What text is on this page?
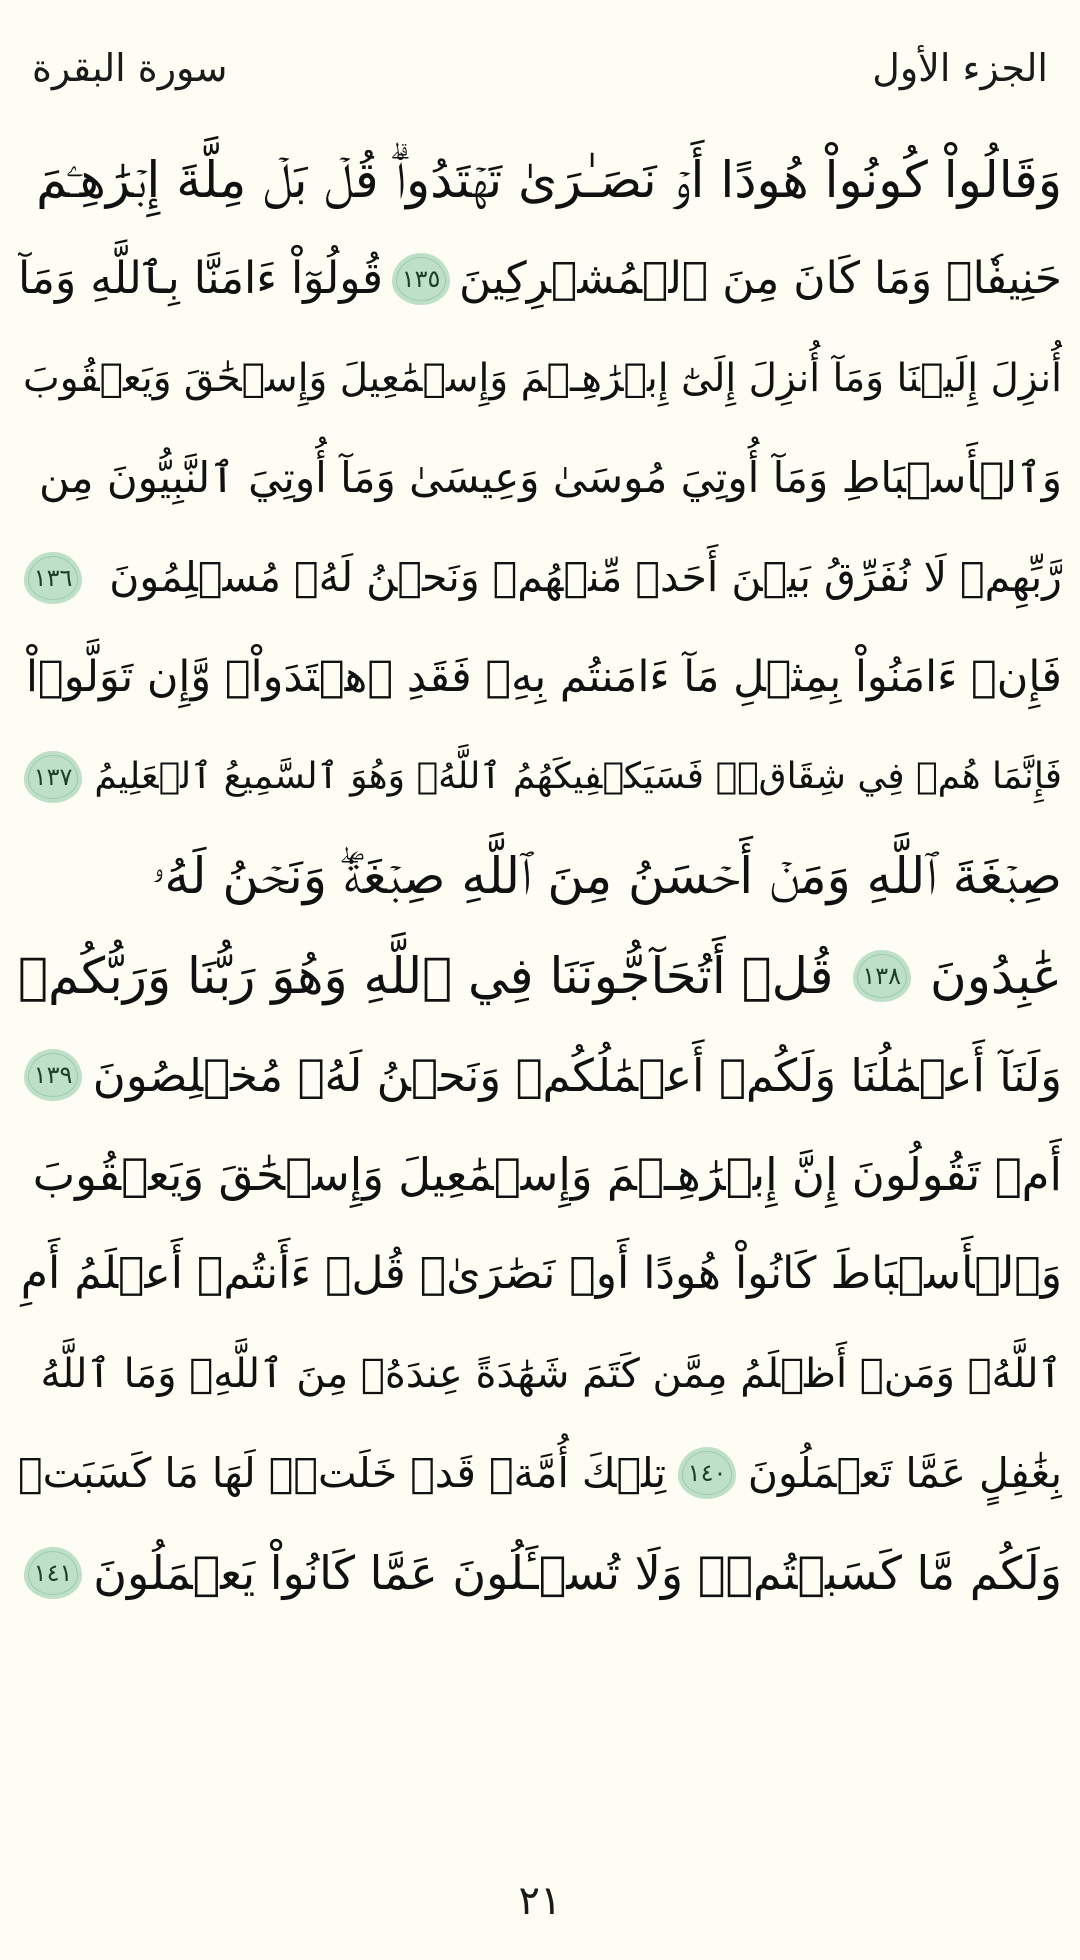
سورة البقرة	الجزء الأول
وَقَالُواْ كُونُواْ هُودًا أَوۡ نَصَـٰرَىٰ تَهۡتَدُواْۗ قُلۡ بَلۡ مِلَّةَ إِبۡرَٰهِـۧمَ
حَنِيفٗاۖ وَمَا كَانَ مِنَ ٱلۡمُشۡرِكِينَ
١٣٥
قُولُوٓاْ ءَامَنَّا بِٱللَّهِ وَمَآ
أُنزِلَ إِلَيۡنَا وَمَآ أُنزِلَ إِلَىٰٓ إِبۡرَٰهِـۧمَ وَإِسۡمَٰعِيلَ وَإِسۡحَٰقَ وَيَعۡقُوبَ
وَٱلۡأَسۡبَاطِ وَمَآ أُوتِيَ مُوسَىٰ وَعِيسَىٰ وَمَآ أُوتِيَ ٱلنَّبِيُّونَ مِن
رَّبِّهِمۡ لَا نُفَرِّقُ بَيۡنَ أَحَدٖ مِّنۡهُمۡ وَنَحۡنُ لَهُۥ مُسۡلِمُونَ
١٣٦
فَإِنۡ ءَامَنُواْ بِمِثۡلِ مَآ ءَامَنتُم بِهِۦ فَقَدِ ٱهۡتَدَواْۖ وَّإِن تَوَلَّوۡاْ
فَإِنَّمَا هُمۡ فِي شِقَاقٖۖ فَسَيَكۡفِيكَهُمُ ٱللَّهُۚ وَهُوَ ٱلسَّمِيعُ ٱلۡعَلِيمُ
١٣٧
صِبۡغَةَ ٱللَّهِ وَمَنۡ أَحۡسَنُ مِنَ ٱللَّهِ صِبۡغَةٗۖ وَنَحۡنُ لَهُۥ
عَٰبِدُونَ
١٣٨
قُلۡ أَتُحَآجُّونَنَا فِي ٱللَّهِ وَهُوَ رَبُّنَا وَرَبُّكُمۡ
وَلَنَآ أَعۡمَٰلُنَا وَلَكُمۡ أَعۡمَٰلُكُمۡ وَنَحۡنُ لَهُۥ مُخۡلِصُونَ
١٣٩
أَمۡ تَقُولُونَ إِنَّ إِبۡرَٰهِـۧمَ وَإِسۡمَٰعِيلَ وَإِسۡحَٰقَ وَيَعۡقُوبَ
وَٱلۡأَسۡبَاطَ كَانُواْ هُودًا أَوۡ نَصَٰرَىٰۗ قُلۡ ءَأَنتُمۡ أَعۡلَمُ أَمِ
ٱللَّهُۗ وَمَنۡ أَظۡلَمُ مِمَّن كَتَمَ شَهَٰدَةً عِندَهُۥ مِنَ ٱللَّهِۗ وَمَا ٱللَّهُ
بِغَٰفِلٍ عَمَّا تَعۡمَلُونَ
١٤٠
تِلۡكَ أُمَّةٞ قَدۡ خَلَتۡۖ لَهَا مَا كَسَبَتۡ
وَلَكُم مَّا كَسَبۡتُمۡۖ وَلَا تُسۡـَٔلُونَ عَمَّا كَانُواْ يَعۡمَلُونَ
١٤١
٢١
